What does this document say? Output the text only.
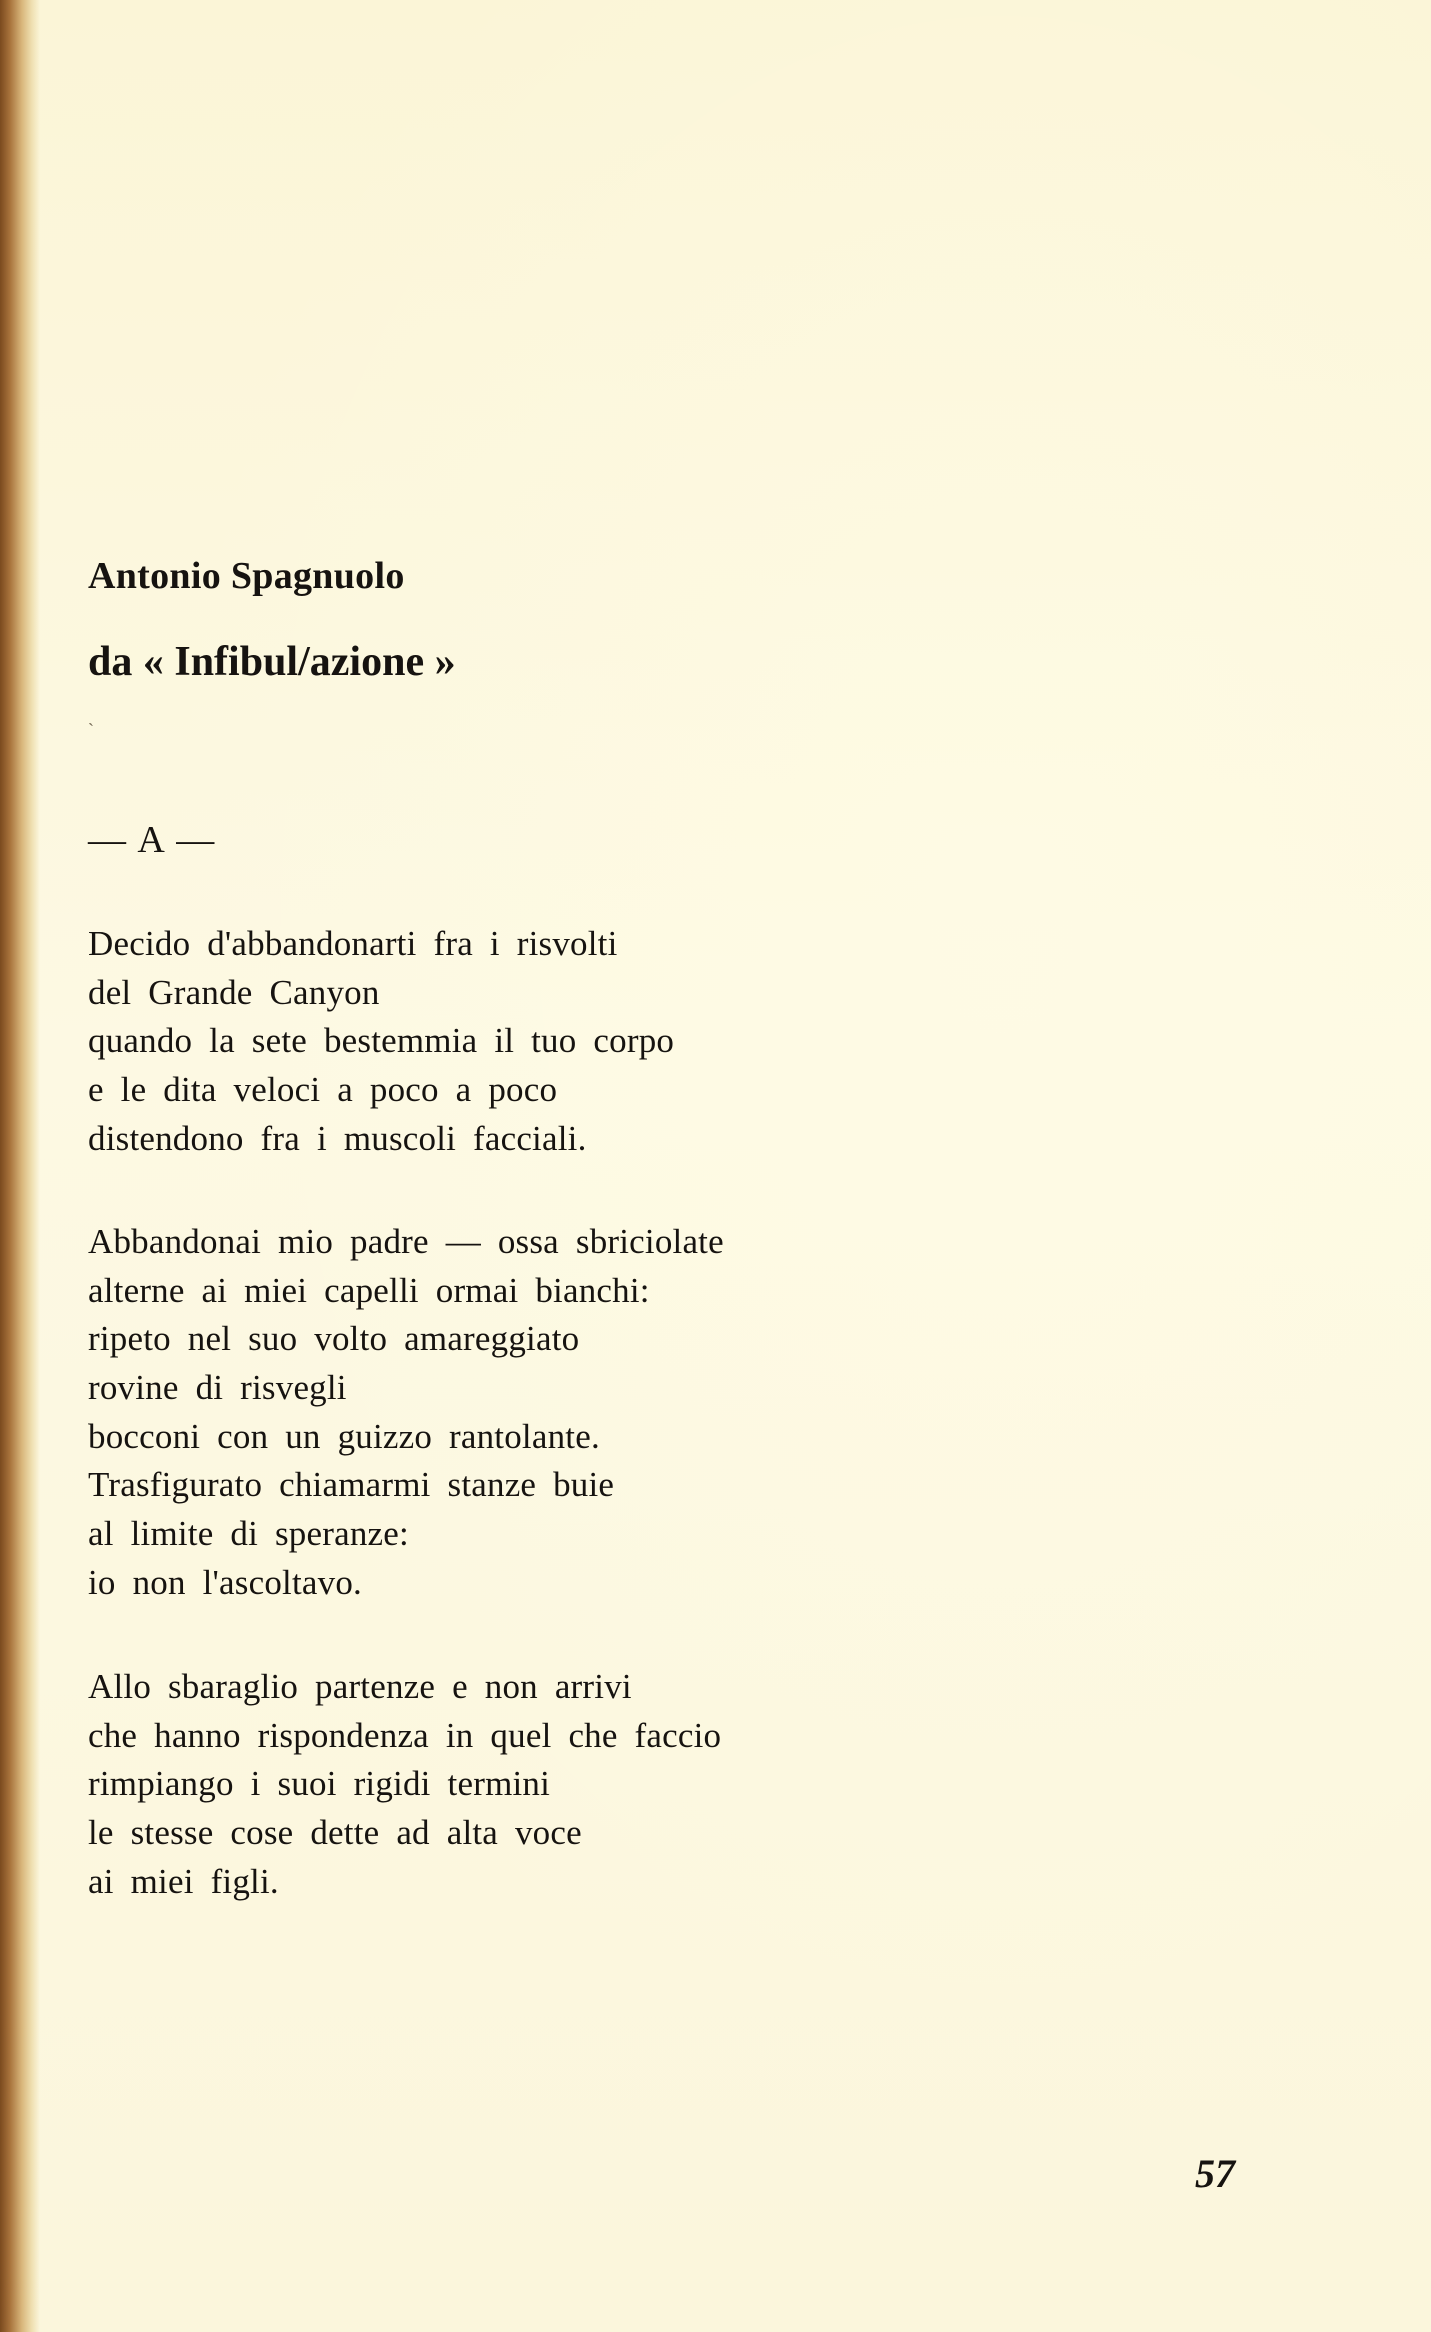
Antonio Spagnuolo

da « Infibul/azione »

— A —
Decido d'abbandonarti fra i risvolti
del Grande Canyon
quando la sete bestemmia il tuo corpo
e le dita veloci a poco a poco
distendono fra i muscoli facciali.
Abbandonai mio padre — ossa sbriciolate
alterne ai miei capelli ormai bianchi:
ripeto nel suo volto amareggiato
rovine di risvegli
bocconi con un guizzo rantolante.
Trasfigurato chiamarmi stanze buie
al limite di speranze:
io non l'ascoltavo.
Allo sbaraglio partenze e non arrivi
che hanno rispondenza in quel che faccio
rimpiango i suoi rigidi termini
le stesse cose dette ad alta voce
ai miei figli.
ˎ
57
